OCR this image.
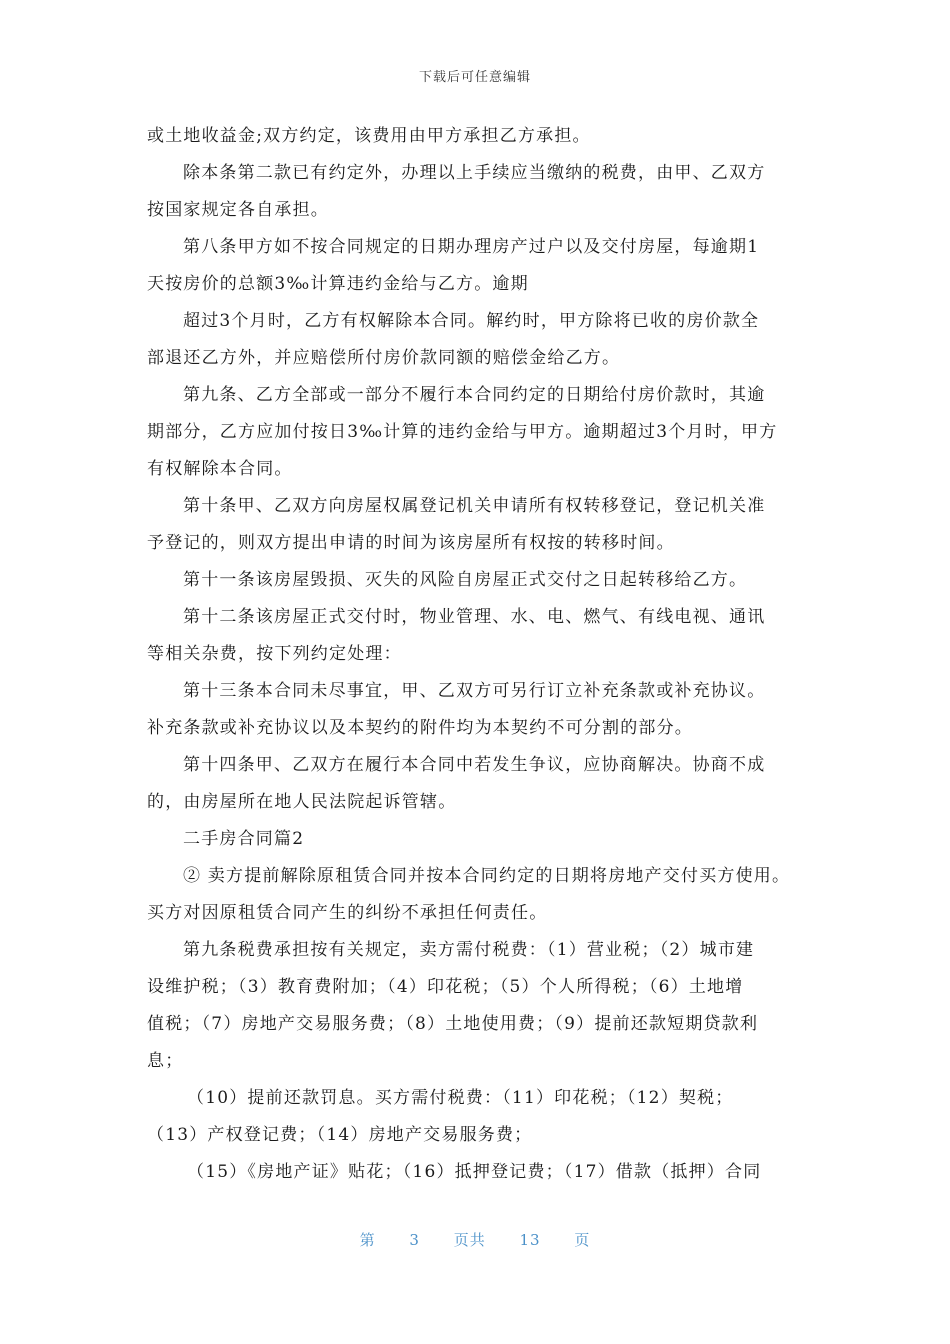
下载后可任意编辑
或土地收益金;双方约定，该费用由甲方承担乙方承担。
除本条第二款已有约定外，办理以上手续应当缴纳的税费，由甲、乙双方
按国家规定各自承担。
第八条甲方如不按合同规定的日期办理房产过户以及交付房屋，每逾期1
天按房价的总额3‰计算违约金给与乙方。逾期
超过3个月时，乙方有权解除本合同。解约时，甲方除将已收的房价款全
部退还乙方外，并应赔偿所付房价款同额的赔偿金给乙方。
第九条、乙方全部或一部分不履行本合同约定的日期给付房价款时，其逾
期部分，乙方应加付按日3‰计算的违约金给与甲方。逾期超过3个月时，甲方
有权解除本合同。
第十条甲、乙双方向房屋权属登记机关申请所有权转移登记，登记机关准
予登记的，则双方提出申请的时间为该房屋所有权按的转移时间。
第十一条该房屋毁损、灭失的风险自房屋正式交付之日起转移给乙方。
第十二条该房屋正式交付时，物业管理、水、电、燃气、有线电视、通讯
等相关杂费，按下列约定处理：
第十三条本合同未尽事宜，甲、乙双方可另行订立补充条款或补充协议。
补充条款或补充协议以及本契约的附件均为本契约不可分割的部分。
第十四条甲、乙双方在履行本合同中若发生争议，应协商解决。协商不成
的，由房屋所在地人民法院起诉管辖。
二手房合同篇2
② 卖方提前解除原租赁合同并按本合同约定的日期将房地产交付买方使用。
买方对因原租赁合同产生的纠纷不承担任何责任。
第九条税费承担按有关规定，卖方需付税费：（1）营业税；（2）城市建
设维护税；（3）教育费附加；（4）印花税；（5）个人所得税；（6）土地增
值税；（7）房地产交易服务费；（8）土地使用费；（9）提前还款短期贷款利
息；
（10）提前还款罚息。买方需付税费：（11）印花税；（12）契税；
（13）产权登记费；（14）房地产交易服务费；
（15）《房地产证》贴花；（16）抵押登记费；（17）借款（抵押）合同
第 3 页共 13 页
